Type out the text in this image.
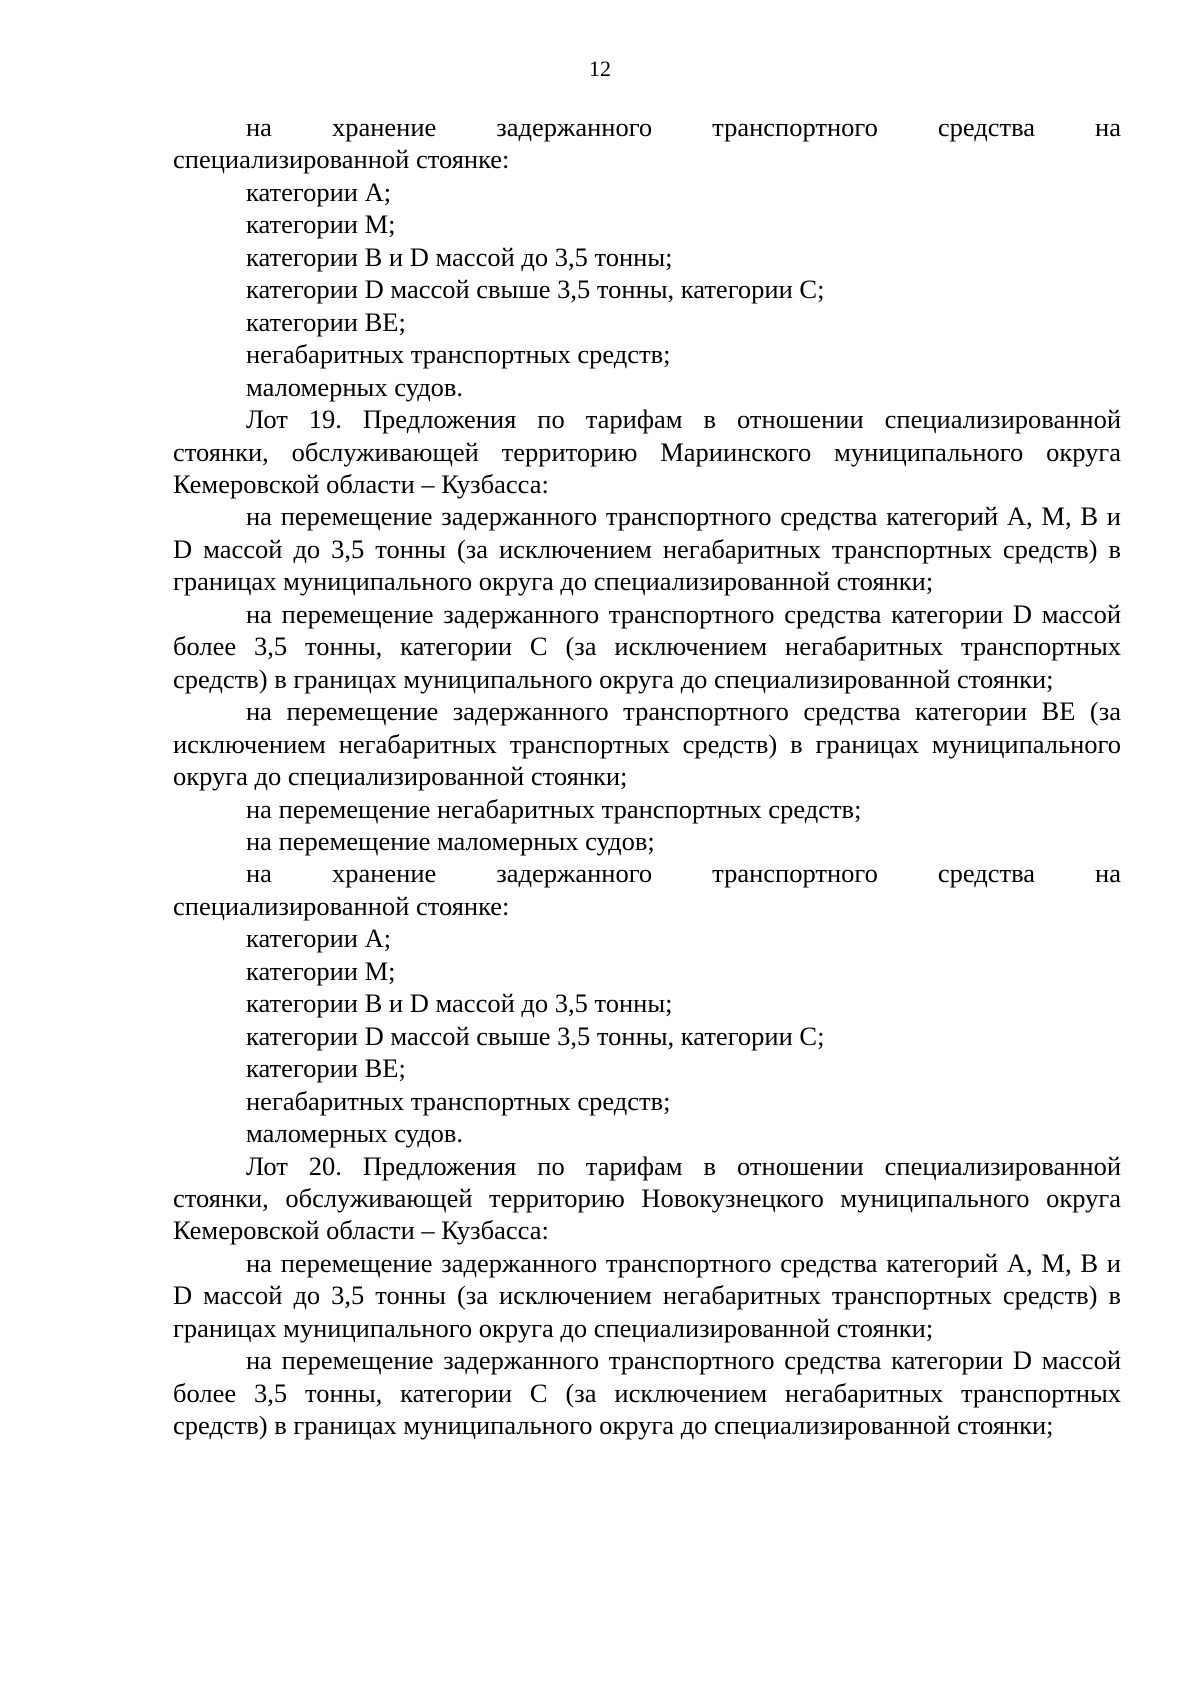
12

на хранение задержанного транспортного средства на

специализированной стоянке:

категории А;

категории М;

категории B и D массой до 3,5 тонны;

категории D массой свыше 3,5 тонны, категории С;

категории ВЕ;

негабаритных транспортных средств;

маломерных судов.

Лот 19. Предложения по тарифам в отношении специализированной стоянки, обслуживающей территорию Мариинского муниципального округа Кемеровской области – Кузбасса:

на перемещение задержанного транспортного средства категорий А, М, B и D массой до 3,5 тонны (за исключением негабаритных транспортных средств) в границах муниципального округа до специализированной стоянки;

на перемещение задержанного транспортного средства категории D массой более 3,5 тонны, категории С (за исключением негабаритных транспортных средств) в границах муниципального округа до специализированной стоянки;

на перемещение задержанного транспортного средства категории ВЕ (за исключением негабаритных транспортных средств) в границах муниципального округа до специализированной стоянки;

на перемещение негабаритных транспортных средств;

на перемещение маломерных судов;

на хранение задержанного транспортного средства на

специализированной стоянке:

категории А;

категории М;

категории B и D массой до 3,5 тонны;

категории D массой свыше 3,5 тонны, категории С;

категории ВЕ;

негабаритных транспортных средств;

маломерных судов.

Лот 20. Предложения по тарифам в отношении специализированной стоянки, обслуживающей территорию Новокузнецкого муниципального округа Кемеровской области – Кузбасса:

на перемещение задержанного транспортного средства категорий А, М, B и D массой до 3,5 тонны (за исключением негабаритных транспортных средств) в границах муниципального округа до специализированной стоянки;

на перемещение задержанного транспортного средства категории D массой более 3,5 тонны, категории С (за исключением негабаритных транспортных средств) в границах муниципального округа до специализированной стоянки;
